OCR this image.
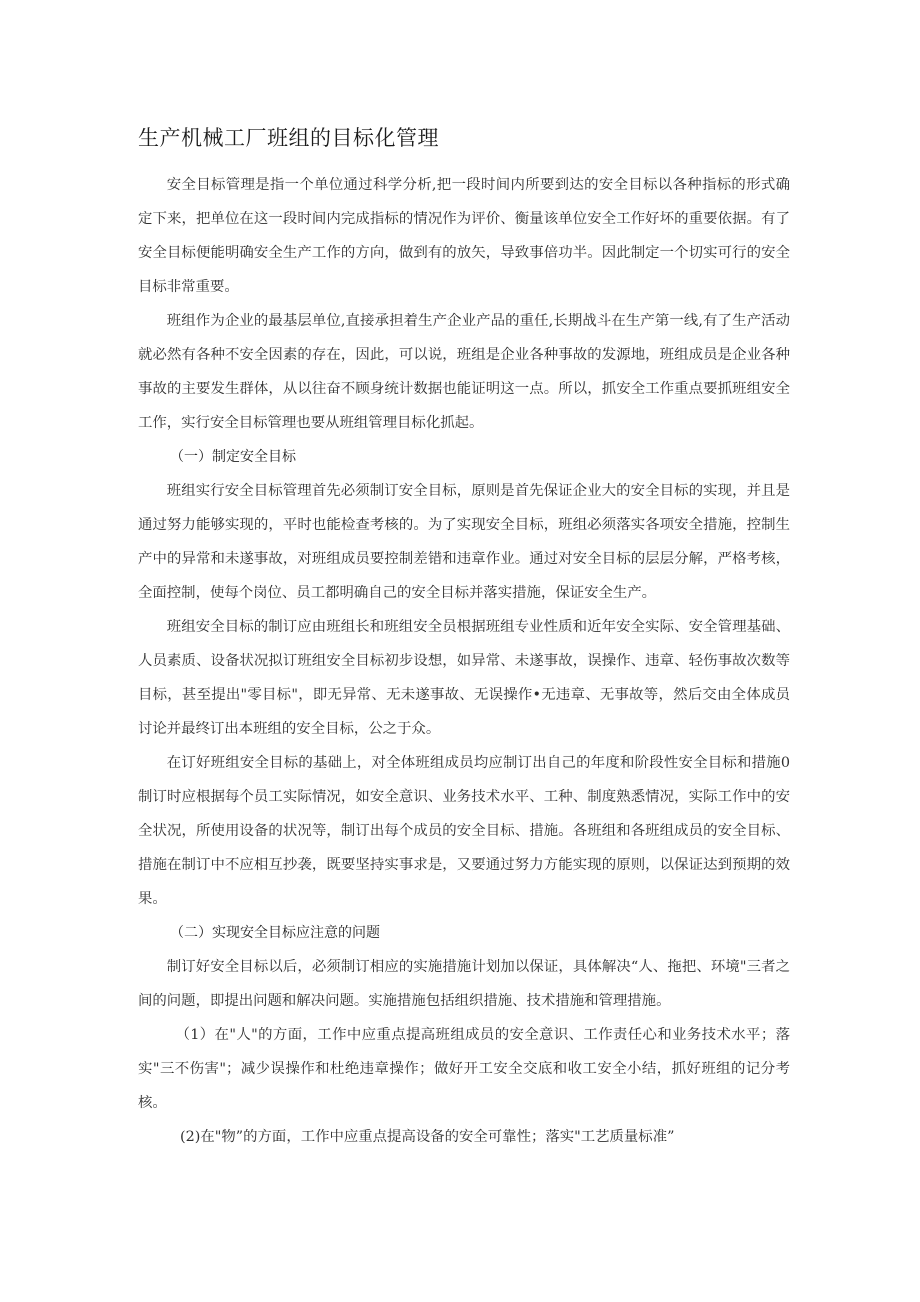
生产机械工厂班组的目标化管理

安全目标管理是指一个单位通过科学分析,把一段时间内所要到达的安全目标以各种指标的形式确定下来，把单位在这一段时间内完成指标的情况作为评价、衡量该单位安全工作好坏的重要依据。有了安全目标便能明确安全生产工作的方向，做到有的放矢，导致事倍功半。因此制定一个切实可行的安全目标非常重要。

班组作为企业的最基层单位,直接承担着生产企业产品的重任,长期战斗在生产第一线,有了生产活动就必然有各种不安全因素的存在，因此，可以说，班组是企业各种事故的发源地，班组成员是企业各种事故的主要发生群体，从以往奋不顾身统计数据也能证明这一点。所以，抓安全工作重点要抓班组安全工作，实行安全目标管理也要从班组管理目标化抓起。

（一）制定安全目标

班组实行安全目标管理首先必须制订安全目标，原则是首先保证企业大的安全目标的实现，并且是通过努力能够实现的，平时也能检查考核的。为了实现安全目标，班组必须落实各项安全措施，控制生产中的异常和未遂事故，对班组成员要控制差错和违章作业。通过对安全目标的层层分解，严格考核，全面控制，使每个岗位、员工都明确自己的安全目标并落实措施，保证安全生产。

班组安全目标的制订应由班组长和班组安全员根据班组专业性质和近年安全实际、安全管理基础、人员素质、设备状况拟订班组安全目标初步设想，如异常、未遂事故，误操作、违章、轻伤事故次数等目标，甚至提出"零目标"，即无异常、无未遂事故、无误操作•无违章、无事故等，然后交由全体成员讨论并最终订出本班组的安全目标，公之于众。

在订好班组安全目标的基础上，对全体班组成员均应制订出自己的年度和阶段性安全目标和措施0制订时应根据每个员工实际情况，如安全意识、业务技术水平、工种、制度熟悉情况，实际工作中的安全状况，所使用设备的状况等，制订出每个成员的安全目标、措施。各班组和各班组成员的安全目标、措施在制订中不应相互抄袭，既要坚持实事求是，又要通过努力方能实现的原则，以保证达到预期的效果。

（二）实现安全目标应注意的问题

制订好安全目标以后，必须制订相应的实施措施计划加以保证，具体解决“人、拖把、环境"三者之间的问题，即提出问题和解决问题。实施措施包括组织措施、技术措施和管理措施。

（1）在"人"的方面，工作中应重点提高班组成员的安全意识、工作责任心和业务技术水平；落实"三不伤害"；减少误操作和杜绝违章操作；做好开工安全交底和收工安全小结，抓好班组的记分考核。

(2)在"物”的方面，工作中应重点提高设备的安全可靠性；落实"工艺质量标准”
